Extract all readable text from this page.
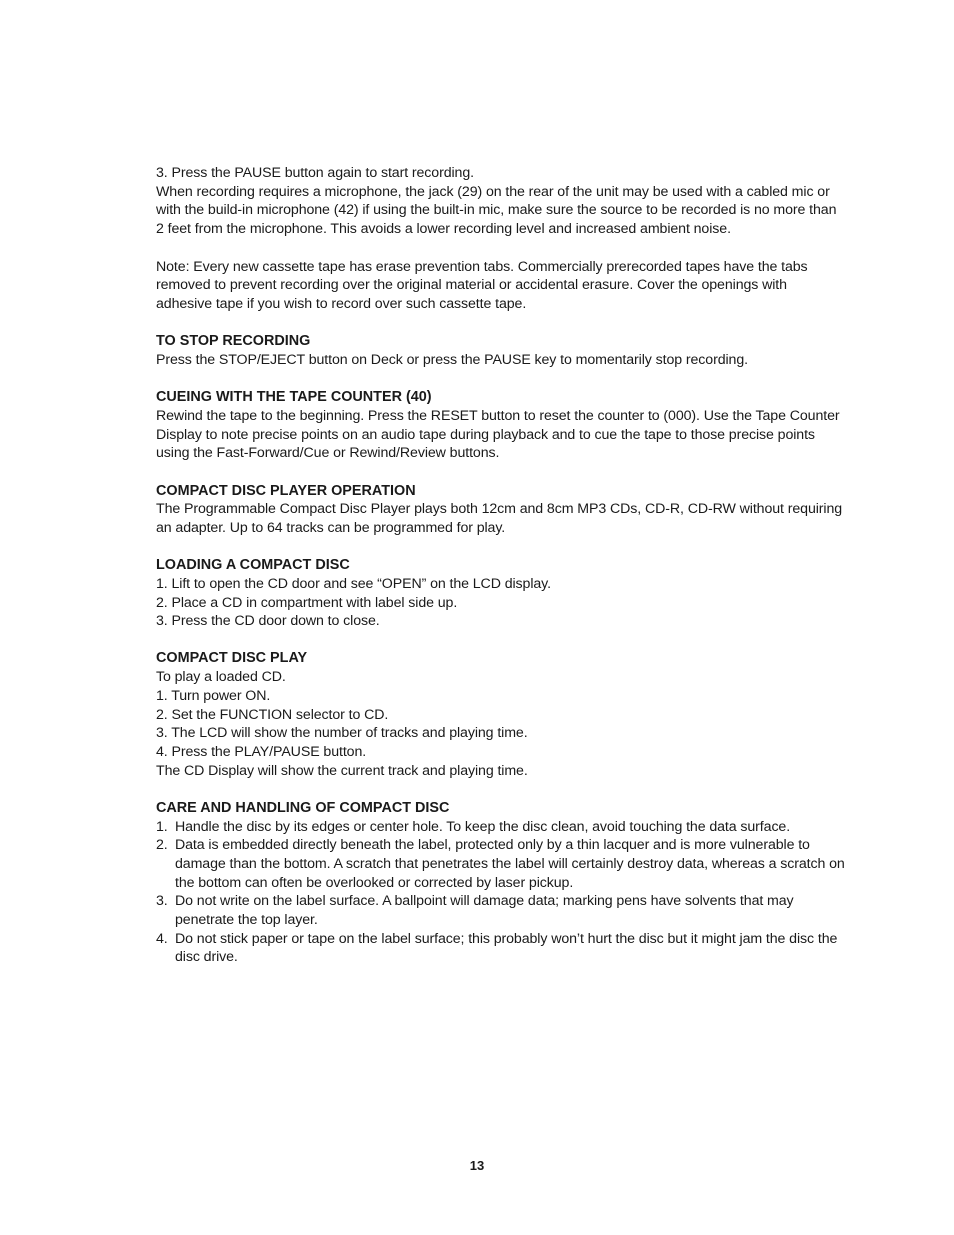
3. Press the PAUSE button again to start recording.

When recording requires a microphone, the jack (29) on the rear of the unit may be used with a cabled mic or with the build-in microphone (42) if using the built-in mic, make sure the source to be recorded is no more than 2 feet from the microphone. This avoids a lower recording level and increased ambient noise.

Note: Every new cassette tape has erase prevention tabs. Commercially prerecorded tapes have the tabs removed to prevent recording over the original material or accidental erasure. Cover the openings with adhesive tape if you wish to record over such cassette tape.

TO STOP RECORDING

Press the STOP/EJECT button on Deck or press the PAUSE key to momentarily stop recording.

CUEING WITH THE TAPE COUNTER (40)

Rewind the tape to the beginning. Press the RESET button to reset the counter to (000). Use the Tape Counter Display to note precise points on an audio tape during playback and to cue the tape to those precise points using the Fast-Forward/Cue or Rewind/Review buttons.

COMPACT DISC PLAYER OPERATION

The Programmable Compact Disc Player plays both 12cm and 8cm MP3 CDs, CD-R, CD-RW without requiring an adapter. Up to 64 tracks can be programmed for play.

LOADING A COMPACT DISC

1. Lift to open the CD door and see “OPEN” on the LCD display.

2. Place a CD in compartment with label side up.

3. Press the CD door down to close.

COMPACT DISC PLAY

To play a loaded CD.

1. Turn power ON.

2. Set the FUNCTION selector to CD.

3. The LCD will show the number of tracks and playing time.

4. Press the PLAY/PAUSE button.

The CD Display will show the current track and playing time.

CARE AND HANDLING OF COMPACT DISC

1. Handle the disc by its edges or center hole. To keep the disc clean, avoid touching the data surface.
2. Data is embedded directly beneath the label, protected only by a thin lacquer and is more vulnerable to damage than the bottom. A scratch that penetrates the label will certainly destroy data, whereas a scratch on the bottom can often be overlooked or corrected by laser pickup.
3. Do not write on the label surface. A ballpoint will damage data; marking pens have solvents that may penetrate the top layer.
4. Do not stick paper or tape on the label surface; this probably won’t hurt the disc but it might jam the disc the disc drive.
13
